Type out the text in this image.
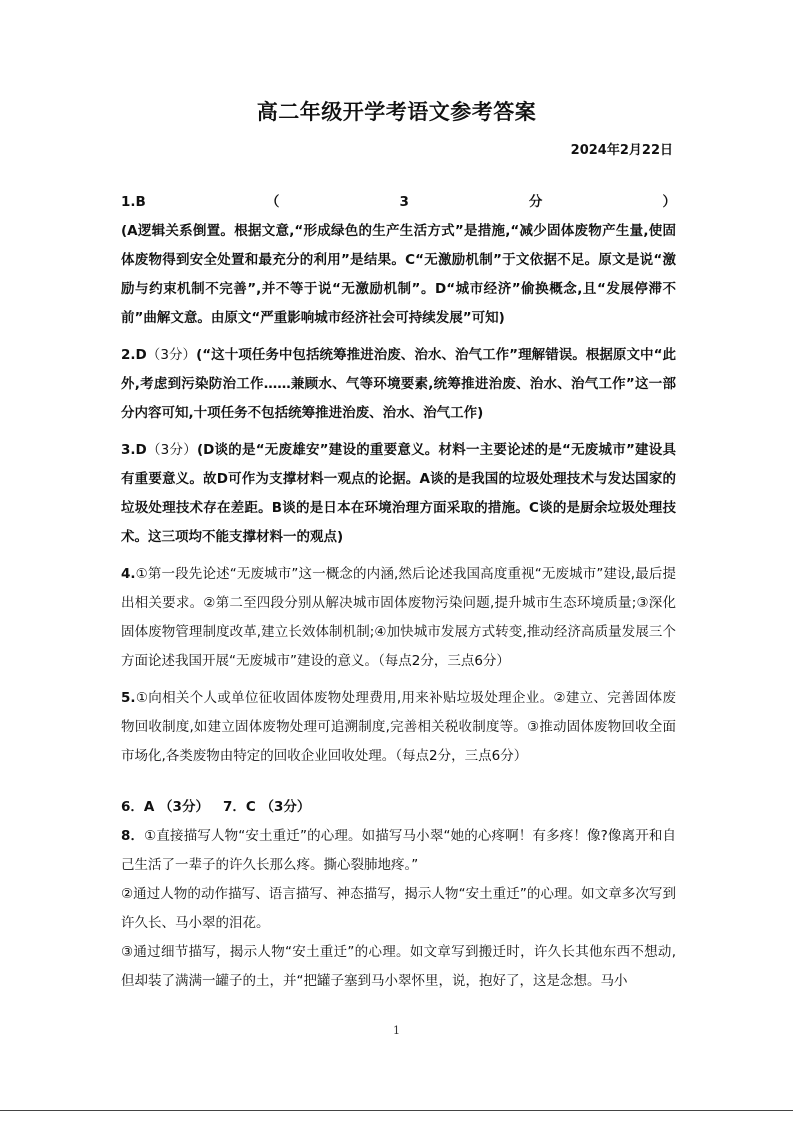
高二年级开学考语文参考答案
2024年2月22日

1.B	（	3	分	）

(A逻辑关系倒置。根据文意,“形成绿色的生产生活方式”是措施,“减少固体废物产生量,使固体废物得到安全处置和最充分的利用”是结果。C“无激励机制”于文依据不足。原文是说“激励与约束机制不完善”,并不等于说“无激励机制”。D“城市经济”偷换概念,且“发展停滞不前”曲解文意。由原文“严重影响城市经济社会可持续发展”可知)

2.D（3分）(“这十项任务中包括统筹推进治废、治水、治气工作”理解错误。根据原文中“此外,考虑到污染防治工作……兼顾水、气等环境要素,统筹推进治废、治水、治气工作”这一部分内容可知,十项任务不包括统筹推进治废、治水、治气工作)

3.D（3分）(D谈的是“无废雄安”建设的重要意义。材料一主要论述的是“无废城市”建设具有重要意义。故D可作为支撑材料一观点的论据。A谈的是我国的垃圾处理技术与发达国家的垃圾处理技术存在差距。B谈的是日本在环境治理方面采取的措施。C谈的是厨余垃圾处理技术。这三项均不能支撑材料一的观点)

4.①第一段先论述“无废城市”这一概念的内涵,然后论述我国高度重视“无废城市”建设,最后提出相关要求。②第二至四段分别从解决城市固体废物污染问题,提升城市生态环境质量;③深化固体废物管理制度改革,建立长效体制机制;④加快城市发展方式转变,推动经济高质量发展三个方面论述我国开展“无废城市”建设的意义。（每点2分，三点6分）

5.①向相关个人或单位征收固体废物处理费用,用来补贴垃圾处理企业。②建立、完善固体废物回收制度,如建立固体废物处理可追溯制度,完善相关税收制度等。③推动固体废物回收全面市场化,各类废物由特定的回收企业回收处理。（每点2分，三点6分）

6．A （3分） 7．C （3分）

8．①直接描写人物“安土重迁”的心理。如描写马小翠“她的心疼啊！有多疼！像?像离开和自己生活了一辈子的许久长那么疼。撕心裂肺地疼。”

②通过人物的动作描写、语言描写、神态描写，揭示人物“安土重迁”的心理。如文章多次写到许久长、马小翠的泪花。

③通过细节描写，揭示人物“安土重迁”的心理。如文章写到搬迁时，许久长其他东西不想动,但却装了满满一罐子的土，并“把罐子塞到马小翠怀里，说，抱好了，这是念想。马小

1
